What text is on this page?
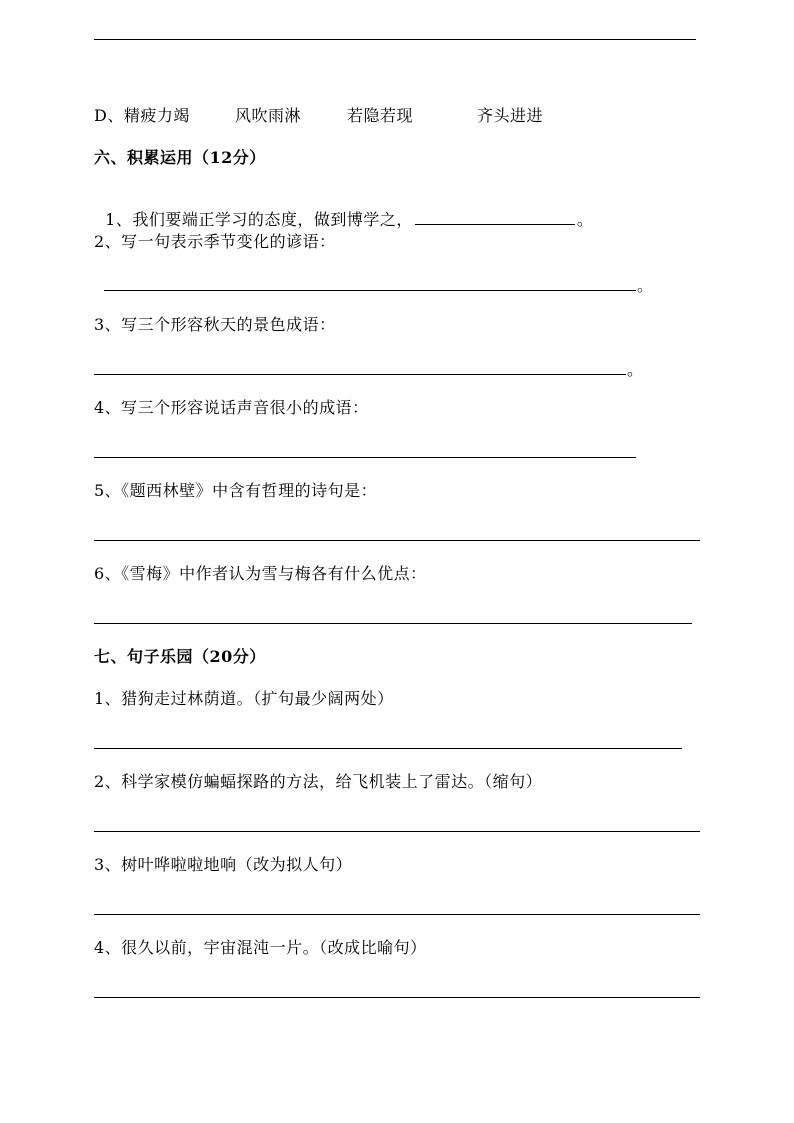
D、精疲力竭	风吹雨淋	若隐若现	齐头进进
六、积累运用（12分）

1、我们要端正学习的态度，做到博学之，	。

2、写一句表示季节变化的谚语：
。
3、写三个形容秋天的景色成语：
。
4、写三个形容说话声音很小的成语：
5、《题西林壁》中含有哲理的诗句是：
6、《雪梅》中作者认为雪与梅各有什么优点：
七、句子乐园（20分）
1、猎狗走过林荫道。（扩句最少阔两处）
2、科学家模仿蝙蝠探路的方法，给飞机装上了雷达。（缩句）
3、树叶哗啦啦地响（改为拟人句）
4、很久以前，宇宙混沌一片。（改成比喻句）
